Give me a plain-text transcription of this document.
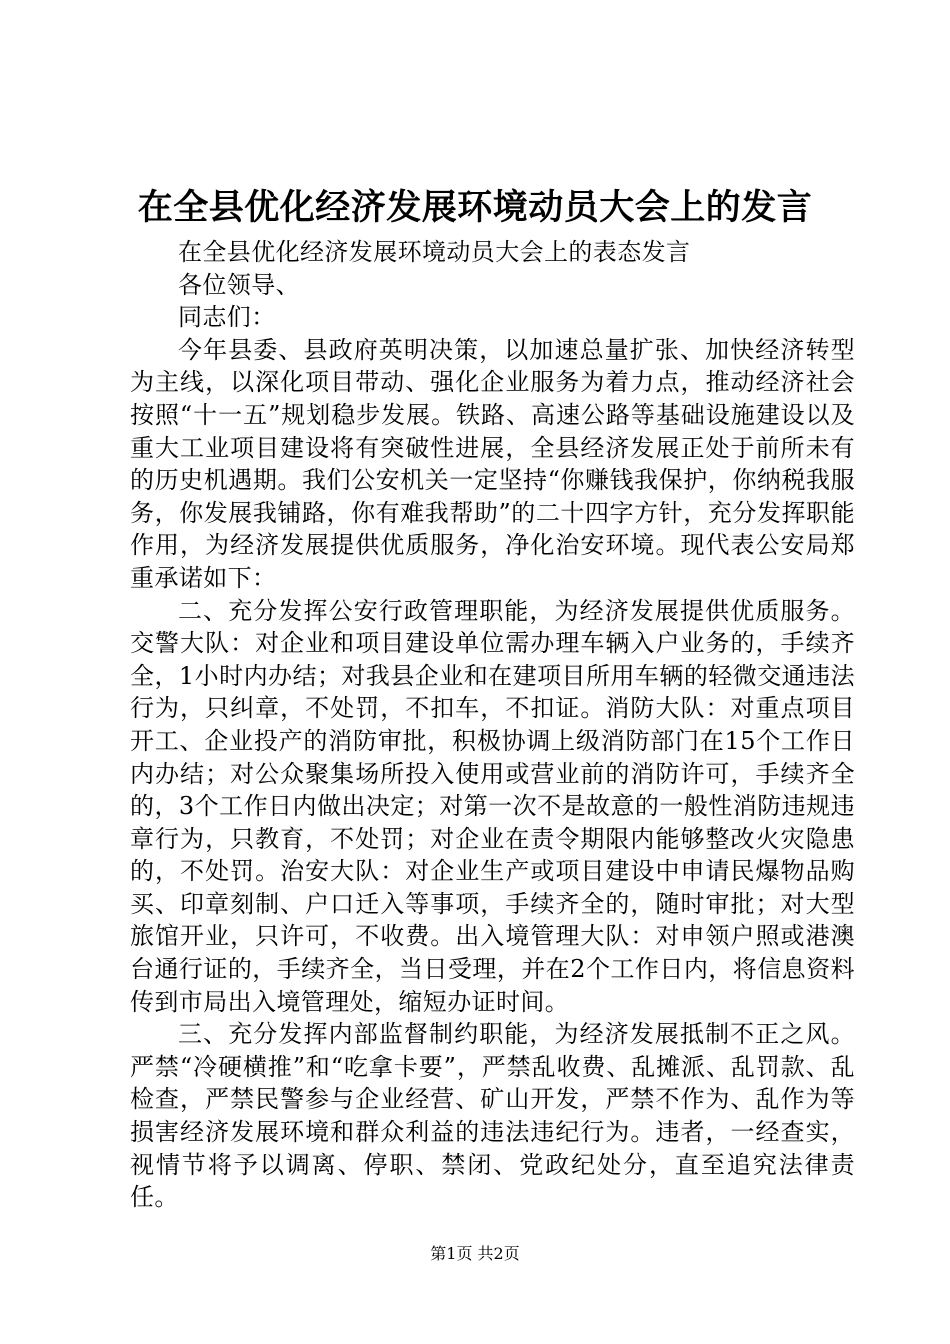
在全县优化经济发展环境动员大会上的发言

在全县优化经济发展环境动员大会上的表态发言

各位领导、

同志们：

今年县委、县政府英明决策，以加速总量扩张、加快经济转型为主线，以深化项目带动、强化企业服务为着力点，推动经济社会按照“十一五”规划稳步发展。铁路、高速公路等基础设施建设以及重大工业项目建设将有突破性进展，全县经济发展正处于前所未有的历史机遇期。我们公安机关一定坚持“你赚钱我保护，你纳税我服务，你发展我铺路，你有难我帮助”的二十四字方针，充分发挥职能作用，为经济发展提供优质服务，净化治安环境。现代表公安局郑重承诺如下：

二、充分发挥公安行政管理职能，为经济发展提供优质服务。交警大队：对企业和项目建设单位需办理车辆入户业务的，手续齐全，1小时内办结；对我县企业和在建项目所用车辆的轻微交通违法行为，只纠章，不处罚，不扣车，不扣证。消防大队：对重点项目开工、企业投产的消防审批，积极协调上级消防部门在15个工作日内办结；对公众聚集场所投入使用或营业前的消防许可，手续齐全的，3个工作日内做出决定；对第一次不是故意的一般性消防违规违章行为，只教育，不处罚；对企业在责令期限内能够整改火灾隐患的，不处罚。治安大队：对企业生产或项目建设中申请民爆物品购买、印章刻制、户口迁入等事项，手续齐全的，随时审批；对大型旅馆开业，只许可，不收费。出入境管理大队：对申领户照或港澳台通行证的，手续齐全，当日受理，并在2个工作日内，将信息资料传到市局出入境管理处，缩短办证时间。

三、充分发挥内部监督制约职能，为经济发展抵制不正之风。严禁“冷硬横推”和“吃拿卡要”，严禁乱收费、乱摊派、乱罚款、乱检查，严禁民警参与企业经营、矿山开发，严禁不作为、乱作为等损害经济发展环境和群众利益的违法违纪行为。违者，一经查实，视情节将予以调离、停职、禁闭、党政纪处分，直至追究法律责任。

第1页 共2页
